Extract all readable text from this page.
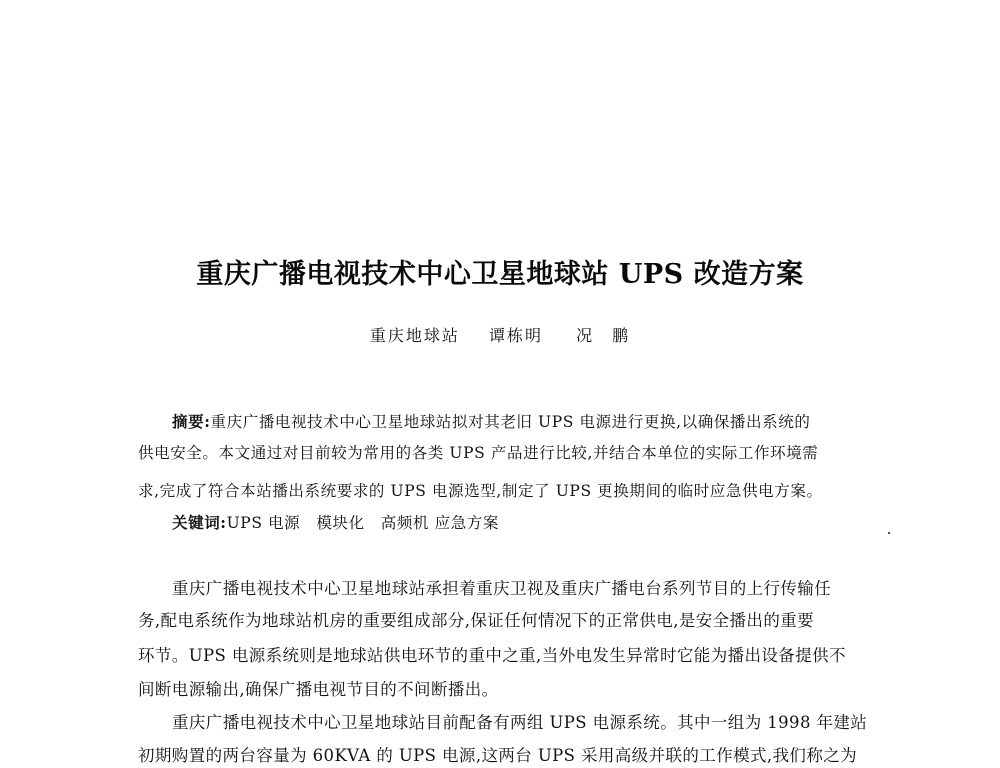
重庆广播电视技术中心卫星地球站 UPS 改造方案
重庆地球站 谭栋明 况　鹏
摘要:重庆广播电视技术中心卫星地球站拟对其老旧 UPS 电源进行更换,以确保播出系统的
供电安全。本文通过对目前较为常用的各类 UPS 产品进行比较,并结合本单位的实际工作环境需
求,完成了符合本站播出系统要求的 UPS 电源选型,制定了 UPS 更换期间的临时应急供电方案。
关键词:UPS 电源　模块化　高频机 应急方案
重庆广播电视技术中心卫星地球站承担着重庆卫视及重庆广播电台系列节目的上行传输任
务,配电系统作为地球站机房的重要组成部分,保证任何情况下的正常供电,是安全播出的重要
环节。UPS 电源系统则是地球站供电环节的重中之重,当外电发生异常时它能为播出设备提供不
间断电源输出,确保广播电视节目的不间断播出。
重庆广播电视技术中心卫星地球站目前配备有两组 UPS 电源系统。其中一组为 1998 年建站
初期购置的两台容量为 60KVA 的 UPS 电源,这两台 UPS 采用高级并联的工作模式,我们称之为
